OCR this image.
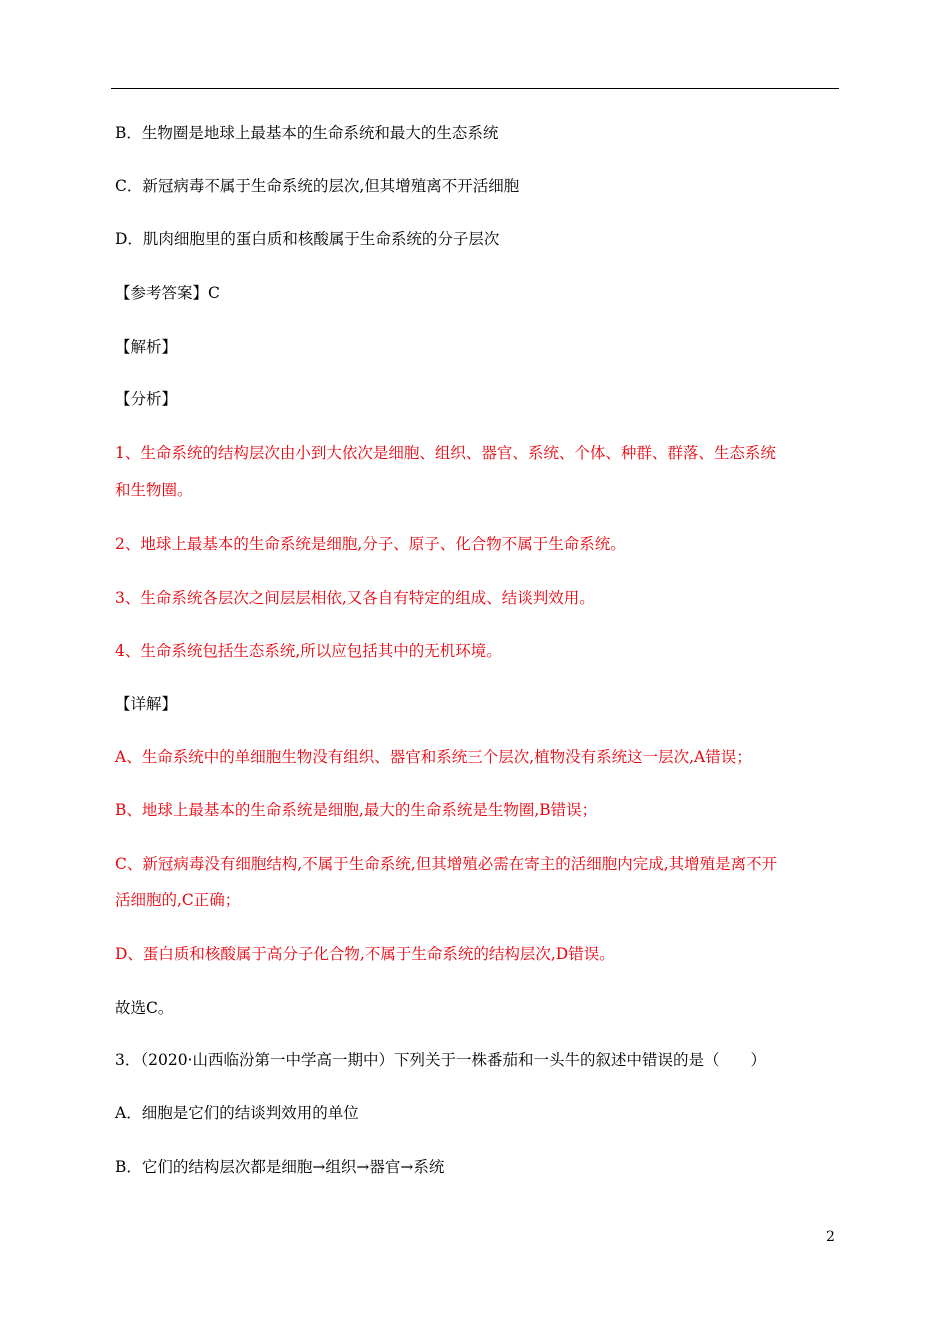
B．生物圈是地球上最基本的生命系统和最大的生态系统
C．新冠病毒不属于生命系统的层次,但其增殖离不开活细胞
D．肌肉细胞里的蛋白质和核酸属于生命系统的分子层次
【参考答案】C
【解析】
【分析】
1、生命系统的结构层次由小到大依次是细胞、组织、器官、系统、个体、种群、群落、生态系统
和生物圈。
2、地球上最基本的生命系统是细胞,分子、原子、化合物不属于生命系统。
3、生命系统各层次之间层层相依,又各自有特定的组成、结谈判效用。
4、生命系统包括生态系统,所以应包括其中的无机环境。
【详解】
A、生命系统中的单细胞生物没有组织、器官和系统三个层次,植物没有系统这一层次,A错误；
B、地球上最基本的生命系统是细胞,最大的生命系统是生物圈,B错误；
C、新冠病毒没有细胞结构,不属于生命系统,但其增殖必需在寄主的活细胞内完成,其增殖是离不开
活细胞的,C正确；
D、蛋白质和核酸属于高分子化合物,不属于生命系统的结构层次,D错误。
故选C。
3．（2020·山西临汾第一中学高一期中）下列关于一株番茄和一头牛的叙述中错误的是（　　）
A．细胞是它们的结谈判效用的单位
B．它们的结构层次都是细胞→组织→器官→系统
2
